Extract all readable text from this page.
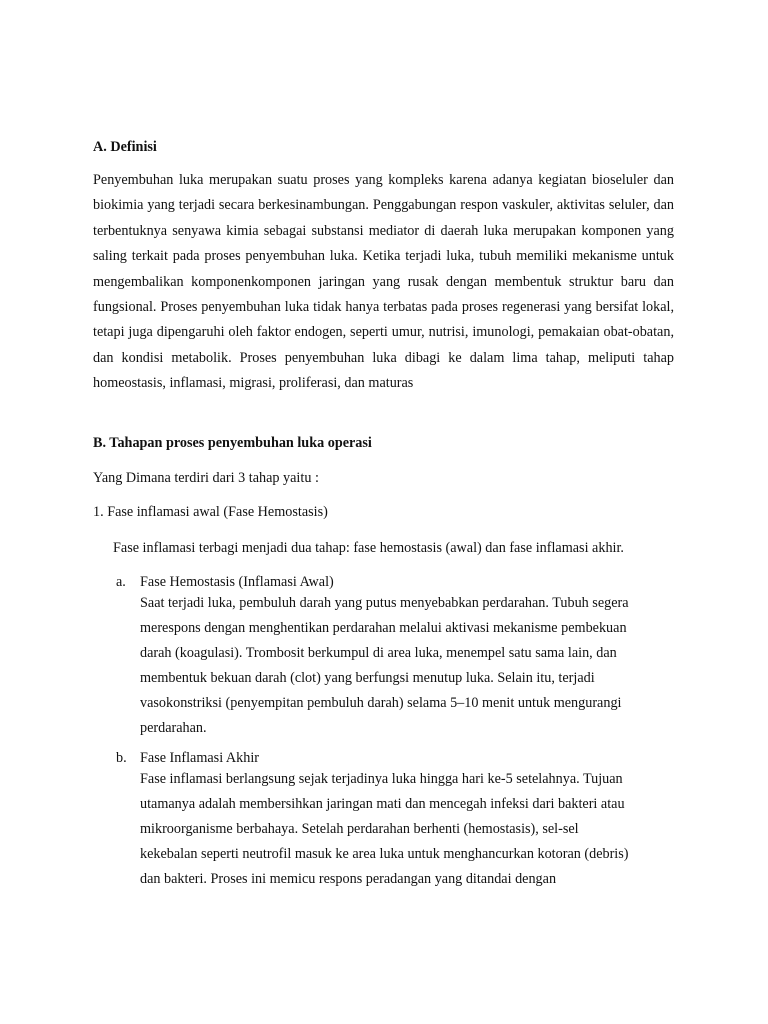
A. Definisi

Penyembuhan luka merupakan suatu proses yang kompleks karena adanya kegiatan bioseluler dan biokimia yang terjadi secara berkesinambungan. Penggabungan respon vaskuler, aktivitas seluler, dan terbentuknya senyawa kimia sebagai substansi mediator di daerah luka merupakan komponen yang saling terkait pada proses penyembuhan luka. Ketika terjadi luka, tubuh memiliki mekanisme untuk mengembalikan komponenkomponen jaringan yang rusak dengan membentuk struktur baru dan fungsional. Proses penyembuhan luka tidak hanya terbatas pada proses regenerasi yang bersifat lokal, tetapi juga dipengaruhi oleh faktor endogen, seperti umur, nutrisi, imunologi, pemakaian obat-obatan, dan kondisi metabolik. Proses penyembuhan luka dibagi ke dalam lima tahap, meliputi tahap homeostasis, inflamasi, migrasi, proliferasi, dan maturas

B. Tahapan proses penyembuhan luka operasi
Yang Dimana terdiri dari 3 tahap yaitu :
1. Fase inflamasi awal (Fase Hemostasis)
Fase inflamasi terbagi menjadi dua tahap: fase hemostasis (awal) dan fase inflamasi akhir.
a. Fase Hemostasis (Inflamasi Awal)
Saat terjadi luka, pembuluh darah yang putus menyebabkan perdarahan. Tubuh segera
merespons dengan menghentikan perdarahan melalui aktivasi mekanisme pembekuan
darah (koagulasi). Trombosit berkumpul di area luka, menempel satu sama lain, dan
membentuk bekuan darah (clot) yang berfungsi menutup luka. Selain itu, terjadi
vasokonstriksi (penyempitan pembuluh darah) selama 5–10 menit untuk mengurangi
perdarahan.
b. Fase Inflamasi Akhir
Fase inflamasi berlangsung sejak terjadinya luka hingga hari ke-5 setelahnya. Tujuan
utamanya adalah membersihkan jaringan mati dan mencegah infeksi dari bakteri atau
mikroorganisme berbahaya. Setelah perdarahan berhenti (hemostasis), sel-sel
kekebalan seperti neutrofil masuk ke area luka untuk menghancurkan kotoran (debris)
dan bakteri. Proses ini memicu respons peradangan yang ditandai dengan
